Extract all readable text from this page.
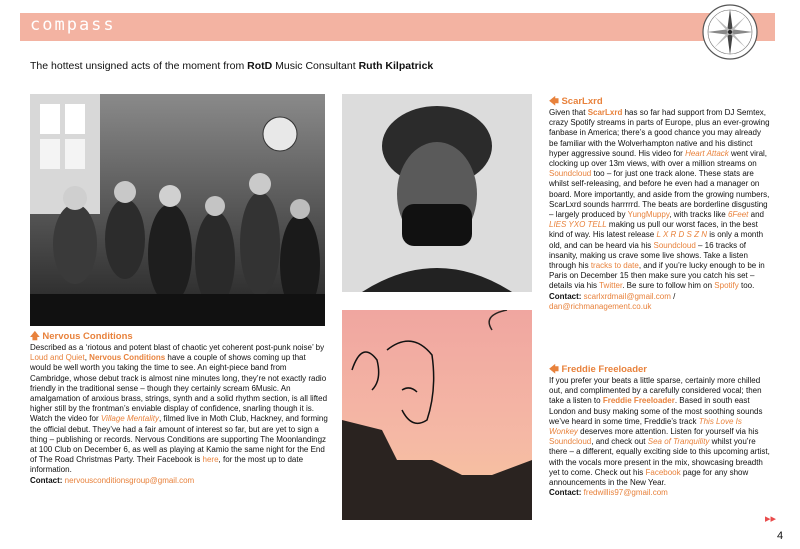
compass
The hottest unsigned acts of the moment from RotD Music Consultant Ruth Kilpatrick

🡅 Nervous Conditions

Described as a ‘riotous and potent blast of chaotic yet coherent post-punk noise’ by Loud and Quiet, Nervous Conditions have a couple of shows coming up that would be well worth you taking the time to see. An eight-piece band from Cambridge, whose debut track is almost nine minutes long, they’re not exactly radio friendly in the traditional sense – though they certainly scream 6Music. An amalgamation of anxious brass, strings, synth and a solid rhythm section, is all lifted higher still by the frontman’s enviable display of confidence, snarling though it is. Watch the video for Village Mentality, filmed live in Moth Club, Hackney, and forming the official debut. They’ve had a fair amount of interest so far, but are yet to sign a thing – publishing or records. Nervous Conditions are supporting The Moonlandingz at 100 Club on December 6, as well as playing at Kamio the same night for the End of The Road Christmas Party. Their Facebook is here, for the most up to date information.

Contact: nervousconditionsgroup@gmail.com

🡄 ScarLxrd

Given that ScarLxrd has so far had support from DJ Semtex, crazy Spotify streams in parts of Europe, plus an ever-growing fanbase in America; there’s a good chance you may already be familiar with the Wolverhampton native and his distinct hyper aggressive sound. His video for Heart Attack went viral, clocking up over 13m views, with over a million streams on Soundcloud too – for just one track alone. These stats are whilst self-releasing, and before he even had a manager on board. More importantly, and aside from the growing numbers, ScarLxrd sounds harrrrrd. The beats are borderline disgusting – largely produced by YungMuppy, with tracks like 6Feet and LIES YXO TELL making us pull our worst faces, in the best kind of way. His latest release L X R D S Z N is only a month old, and can be heard via his Soundcloud – 16 tracks of insanity, making us crave some live shows. Take a listen through his tracks to date, and if you’re lucky enough to be in Paris on December 15 then make sure you catch his set – details via his Twitter. Be sure to follow him on Spotify too.

Contact: scarlxrdmail@gmail.com /
dan@richmanagement.co.uk

🡄 Freddie Freeloader

If you prefer your beats a little sparse, certainly more chilled out, and complimented by a carefully considered vocal; then take a listen to Freddie Freeloader. Based in south east London and busy making some of the most soothing sounds we’ve heard in some time, Freddie’s track This Love Is Wonkey deserves more attention. Listen for yourself via his Soundcloud, and check out Sea of Tranquility whilst you’re there – a different, equally exciting side to this upcoming artist, with the vocals more present in the mix, showcasing breadth yet to come. Check out his Facebook page for any show announcements in the New Year.

Contact: fredwillis97@gmail.com

▸▸
4
